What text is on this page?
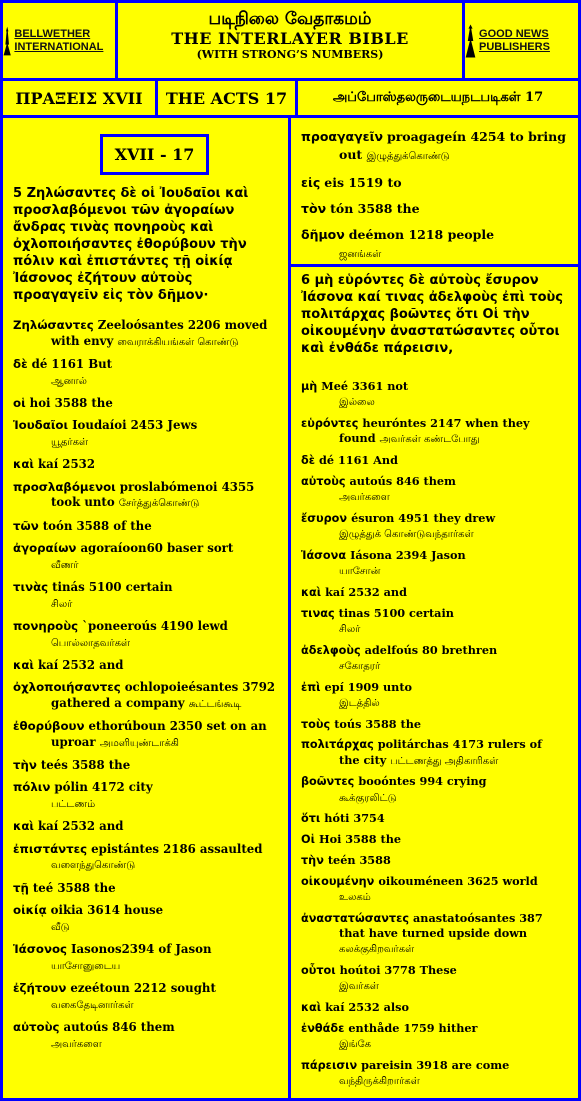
BELLWETHER INTERNATIONAL
படிநிலை வேதாகமம்
THE INTERLAYER BIBLE
(WITH STRONG’S NUMBERS)
GOOD NEWS PUBLISHERS
ΠΡΑΞΕΙΣ XVII	THE ACTS 17	அப்போஸ்தலருடையநடபடிகள் 17
XVII - 17
5 Ζηλώσαντες δὲ οἱ Ἰουδαῖοι καὶ προσλαβόμενοι τῶν ἀγοραίων ἄνδρας τινὰς πονηροὺς καὶ ὀχλοποιήσαντες ἐθορύβουν τὴν πόλιν καὶ ἐπιστάντες τῇ οἰκίᾳ Ἰάσονος ἐζήτουν αὐτοὺς προαγαγεῖν εἰς τὸν δῆμον·
Ζηλώσαντες Zeeloósantes 2206 moved
with envy வைராக்கியங்கள் கொண்டு
δὲ dé 1161 But
ஆனால்
οἱ hoi 3588 the
Ἰουδαῖοι Ioudaíoi 2453 Jews
யூதர்கள்
καὶ kaí 2532
προσλαβόμενοι proslabómenoi 4355
took unto சேர்த்துக்கொண்டு
τῶν toón 3588 of the
ἀγοραίων agoraíoon60 baser sort
வீணர்
τινὰς tinás 5100 certain
சிலர்
πονηροὺς `poneeroús 4190 lewd
பொல்லாதவர்கள்
καὶ kaí 2532 and
ὀχλοποιήσαντες ochlopoieésantes 3792
gathered a company கூட்டங்கூடி
ἐθορύβουν ethorúboun 2350 set on an
uproar அமளியுண்டாக்கி
τὴν teés 3588 the
πόλιν pólin 4172 city
பட்டணம்
καὶ kaí 2532 and
ἐπιστάντες epistántes 2186 assaulted
வளைந்துகொண்டு
τῇ teé 3588 the
οἰκίᾳ oikia 3614 house
வீடு
Ἰάσονος Iasonos2394 of Jason
யாசோனுடைய
ἐζήτουν ezeétoun 2212 sought
வகைதேடினார்கள்
αὐτοὺς autoús 846 them
அவர்களை
προαγαγεῖν proagageín 4254 to bring
out இழுத்துக்கொண்டு
εἰς eis 1519 to
τὸν tón 3588 the
δῆμον deémon 1218 people
ஜனங்கள்
6 μὴ εὑρόντες δὲ αὐτοὺς ἔσυρον Ἰάσονα καί τινας ἀδελφοὺς ἐπὶ τοὺς πολιτάρχας βοῶντες ὅτι Οἱ τὴν οἰκουμένην ἀναστατώσαντες οὗτοι καὶ ἐνθάδε πάρεισιν,
μὴ Meé 3361 not
இல்லை
εὑρόντες heuróntes 2147 when they
found அவர்கள் கண்டபோது
δὲ dé 1161 And
αὐτοὺς autoús 846 them
அவர்களை
ἔσυρον ésuron 4951 they drew
இழுத்துக் கொண்டுவந்தார்கள்
Ἰάσονα Iásona 2394 Jason
யாசோன்
καὶ kaí 2532 and
τινας tinas 5100 certain
சிலர்
ἀδελφοὺς adelfoús 80 brethren
சகோதரர்
ἐπὶ epí 1909 unto
இடத்தில்
τοὺς toús 3588 the
πολιτάρχας politárchas 4173 rulers of
the city பட்டணத்து அதிகாரிகள்
βοῶντες booóntes 994 crying
கூக்குரலிட்டு
ὅτι hóti 3754
Οἱ Hoi 3588 the
τὴν teén 3588
οἰκουμένην oikouméneen 3625 world
உலகம்
ἀναστατώσαντες anastatoósantes 387
that have turned upside down கலக்குகிறவர்கள்
οὗτοι hoútoi 3778 These
இவர்கள்
καὶ kaí 2532 also
ἐνθάδε enthåde 1759 hither
இங்கே
πάρεισιν pareisin 3918 are come
வந்திருக்கிறார்கள்
